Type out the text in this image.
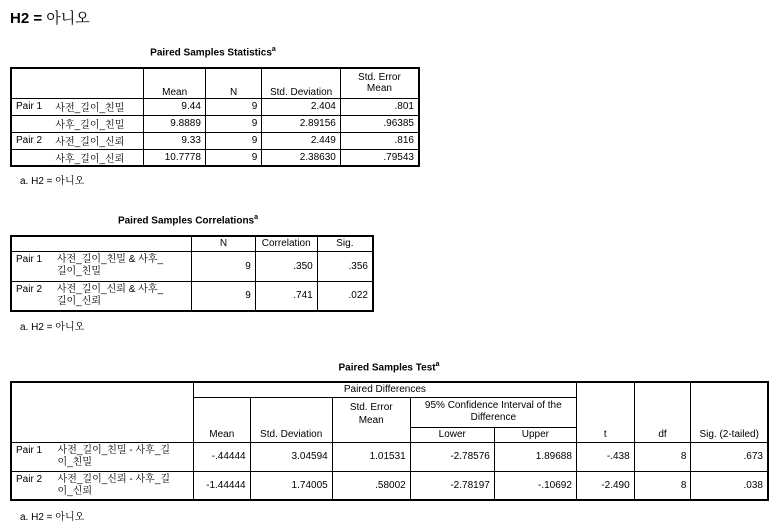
H2 = 아니오
Paired Samples Statistics$^a$
		Mean	N	Std. Deviation	Std. Error Mean
Pair 1	사전_길이_친밀	9.44	9	2.404	.801
	사후_길이_친밀	9.8889	9	2.89156	.96385
Pair 2	사전_길이_신뢰	9.33	9	2.449	.816
	사후_길이_신뢰	10.7778	9	2.38630	.79543
a. H2 = 아니오
Paired Samples Correlations$^a$
		N	Correlation	Sig.
Pair 1	사전_길이_친밀 & 사후_
길이_친밀	9	.350	.356
Pair 2	사전_길이_신뢰 & 사후_
길이_신뢰	9	.741	.022
a. H2 = 아니오
Paired Samples Test$^a$
		Paired Differences							
				Std. Error Mean	95% Confidence Interval of the Difference				
		Mean	Std. Deviation		Lower	Upper	t	df	Sig. (2-tailed)
Pair 1	사전_길이_친밀 - 사후_길
이_친밀	-.44444	3.04594	1.01531	-2.78576	1.89688	-.438	8	.673
Pair 2	사전_길이_신뢰 - 사후_길
이_신뢰	-1.44444	1.74005	.58002	-2.78197	-.10692	-2.490	8	.038
a. H2 = 아니오
